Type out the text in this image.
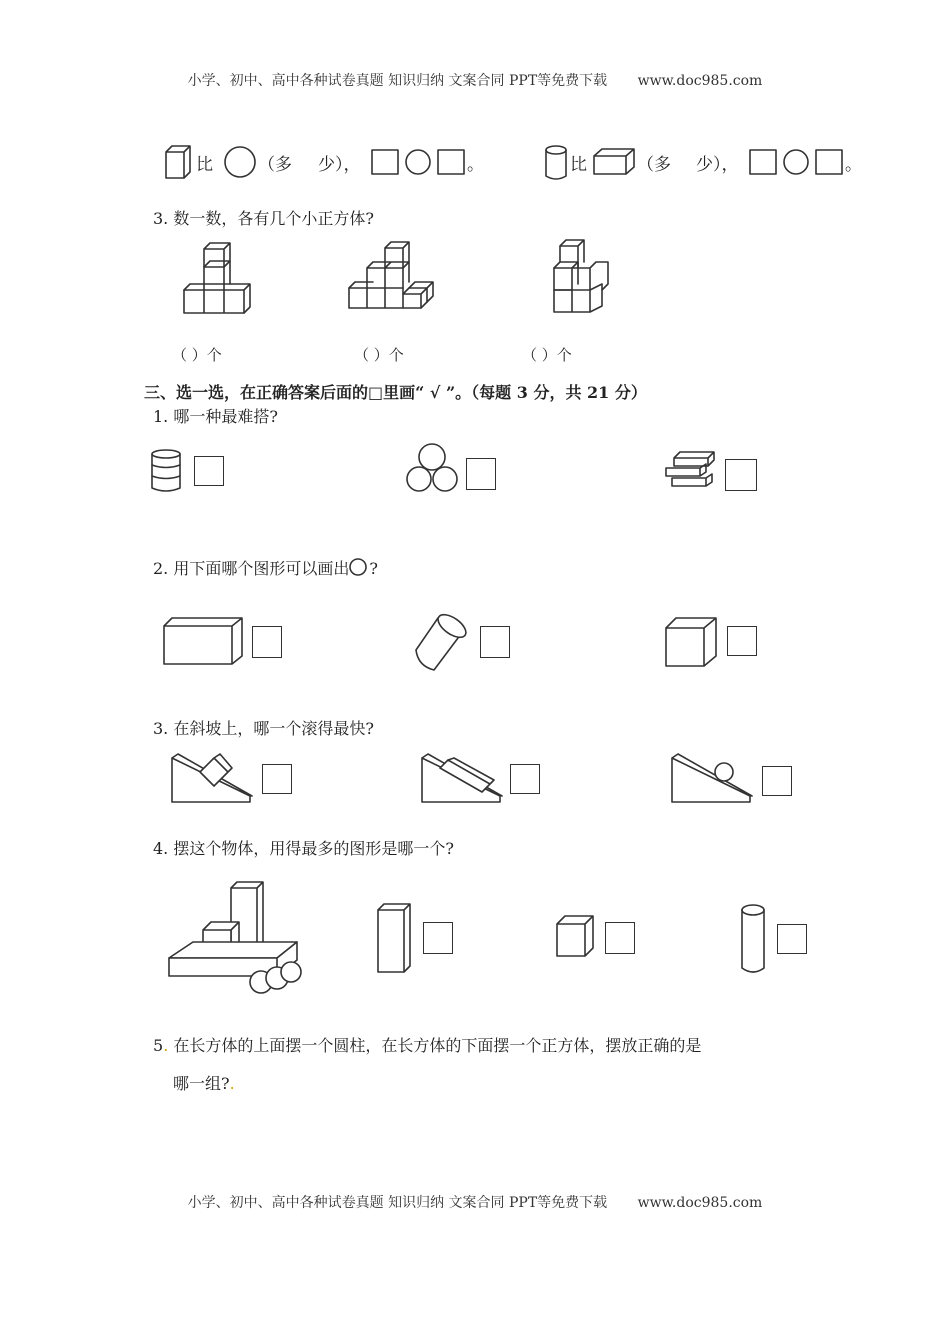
小学、初中、高中各种试卷真题 知识归纳 文案合同 PPT等免费下载 www.doc985.com
比	（多 少），	。	比	（多 少），	。
3. 数一数，各有几个小正方体?
（ ）个	（ ）个	（ ）个
三、选一选，在正确答案后面的□里画“ √ ”。（每题 3 分，共 21 分）
1. 哪一种最难搭?
2. 用下面哪个图形可以画出 ?
3. 在斜坡上，哪一个滚得最快?
4. 摆这个物体，用得最多的图形是哪一个?
5. 在长方体的上面摆一个圆柱，在长方体的下面摆一个正方体，摆放正确的是
哪一组?.
小学、初中、高中各种试卷真题 知识归纳 文案合同 PPT等免费下载 www.doc985.com
